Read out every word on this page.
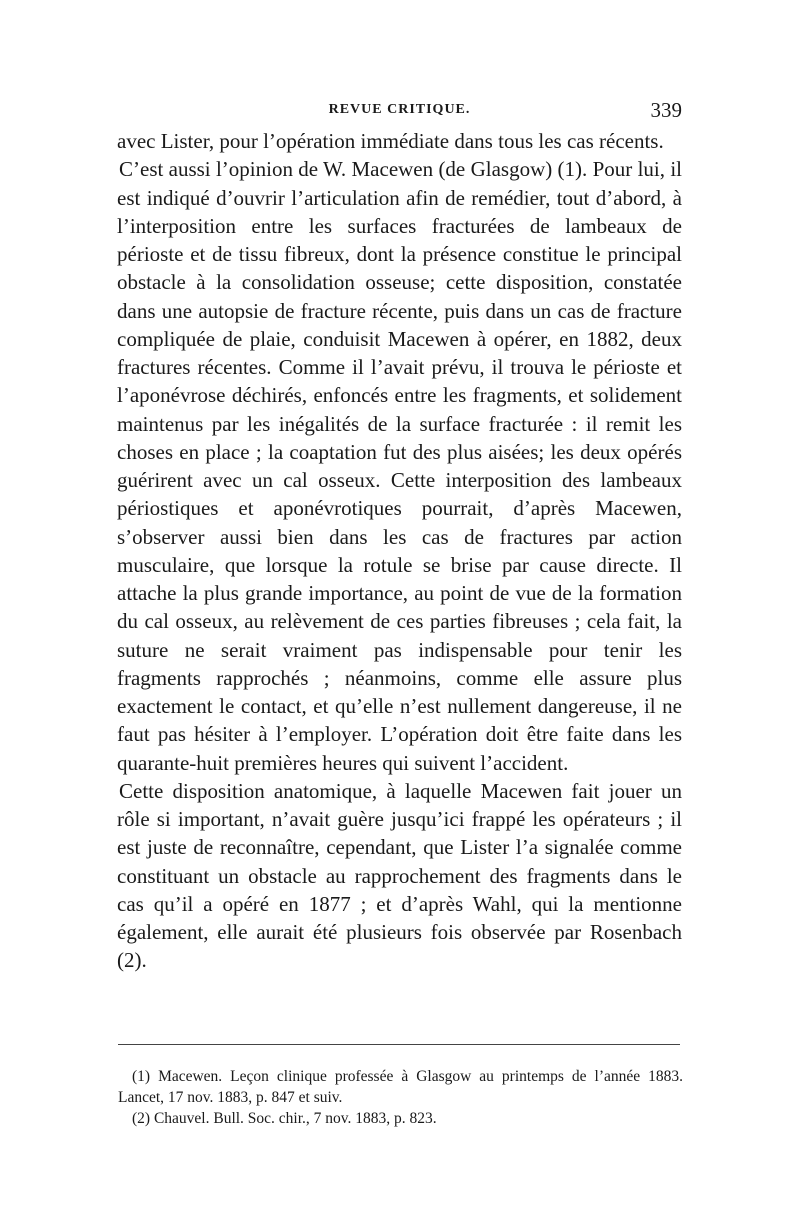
REVUE CRITIQUE.	339

avec Lister, pour l’opération immédiate dans tous les cas récents.

C’est aussi l’opinion de W. Macewen (de Glasgow) (1). Pour lui, il est indiqué d’ouvrir l’articulation afin de remédier, tout d’abord, à l’interposition entre les surfaces fracturées de lambeaux de périoste et de tissu fibreux, dont la présence constitue le principal obstacle à la consolidation osseuse; cette disposition, constatée dans une autopsie de fracture récente, puis dans un cas de fracture compliquée de plaie, conduisit Macewen à opérer, en 1882, deux fractures récentes. Comme il l’avait prévu, il trouva le périoste et l’aponévrose déchirés, enfoncés entre les fragments, et solidement maintenus par les inégalités de la surface fracturée : il remit les choses en place ; la coaptation fut des plus aisées; les deux opérés guérirent avec un cal osseux. Cette interposition des lambeaux périostiques et aponévrotiques pourrait, d’après Macewen, s’observer aussi bien dans les cas de fractures par action musculaire, que lorsque la rotule se brise par cause directe. Il attache la plus grande importance, au point de vue de la formation du cal osseux, au relèvement de ces parties fibreuses ; cela fait, la suture ne serait vraiment pas indispensable pour tenir les fragments rapprochés ; néanmoins, comme elle assure plus exactement le contact, et qu’elle n’est nullement dangereuse, il ne faut pas hésiter à l’employer. L’opération doit être faite dans les quarante-huit premières heures qui suivent l’accident.

Cette disposition anatomique, à laquelle Macewen fait jouer un rôle si important, n’avait guère jusqu’ici frappé les opérateurs ; il est juste de reconnaître, cependant, que Lister l’a signalée comme constituant un obstacle au rapprochement des fragments dans le cas qu’il a opéré en 1877 ; et d’après Wahl, qui la mentionne également, elle aurait été plusieurs fois observée par Rosenbach (2).

(1) Macewen. Leçon clinique professée à Glasgow au printemps de l’année 1883. Lancet, 17 nov. 1883, p. 847 et suiv.

(2) Chauvel. Bull. Soc. chir., 7 nov. 1883, p. 823.
